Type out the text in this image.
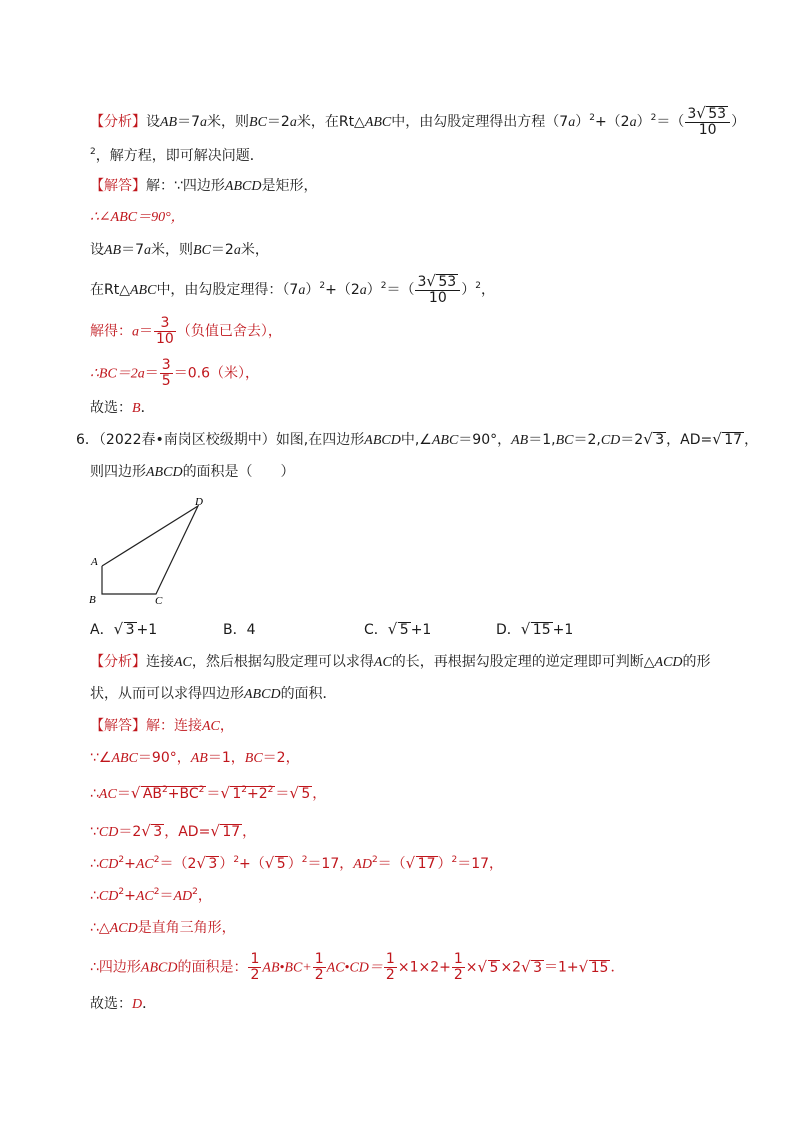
【分析】设AB＝7a米，则BC＝2a米，在Rt△ABC中，由勾股定理得出方程$(7a)^2+(2a)^2=( \frac{3√ 53}{10}$ ）
$^2$，解方程，即可解决问题．
【解答】解：∵四边形ABCD是矩形，
∴∠ABC＝90°，
设AB＝7a米，则BC＝2a米，
在Rt△ABC中，由勾股定理得：$(7a)^2+(2a)^2=( \frac{3√ 53}{10} )^2$，
解得：$a= \frac{3}{10}$ （负值已舍去），
∴BC＝2a＝ $\frac{3}{5} =0.6$（米），
故选：B．
6．（2022春•南岗区校级期中）如图,在四边形ABCD中,∠ABC＝90°，AB＝1,BC＝2,CD＝2√ 3 ，AD=√ 17 ，
则四边形ABCD的面积是（　　）
A
B	C
D
A．√ 3 +1	B．4	C．√ 5 +1	D．√ 15 +1
【分析】连接AC，然后根据勾股定理可以求得AC的长，再根据勾股定理的逆定理即可判断△ACD的形
状，从而可以求得四边形ABCD的面积．
【解答】解：连接AC，
∵∠ABC＝90°，AB＝1，BC＝2，
∴AC＝√ $AB^2+BC^2$ ＝√ $1^2+2^2$ ＝√ 5 ，
∵CD＝2√ 3 ，AD=√ 17 ，
$\therefore CD^2+AC^2=(2√$ 3 ）$^2$+（√ 5 ）$^2$＝17，$AD^2=(√$ 17 ）$^2$＝17，
$\therefore CD^2+AC^2=AD^2$，
∴△ACD是直角三角形，
∴四边形ABCD的面积是： $\frac{1}{2}$ AB•BC+ $\frac{1}{2}$ AC•CD＝ $\frac{1}{2} \times 1\times 2+ \frac{1}{2}$ ×√ 5 ×2√ 3 ＝1+√ 15 ．
故选：D．
